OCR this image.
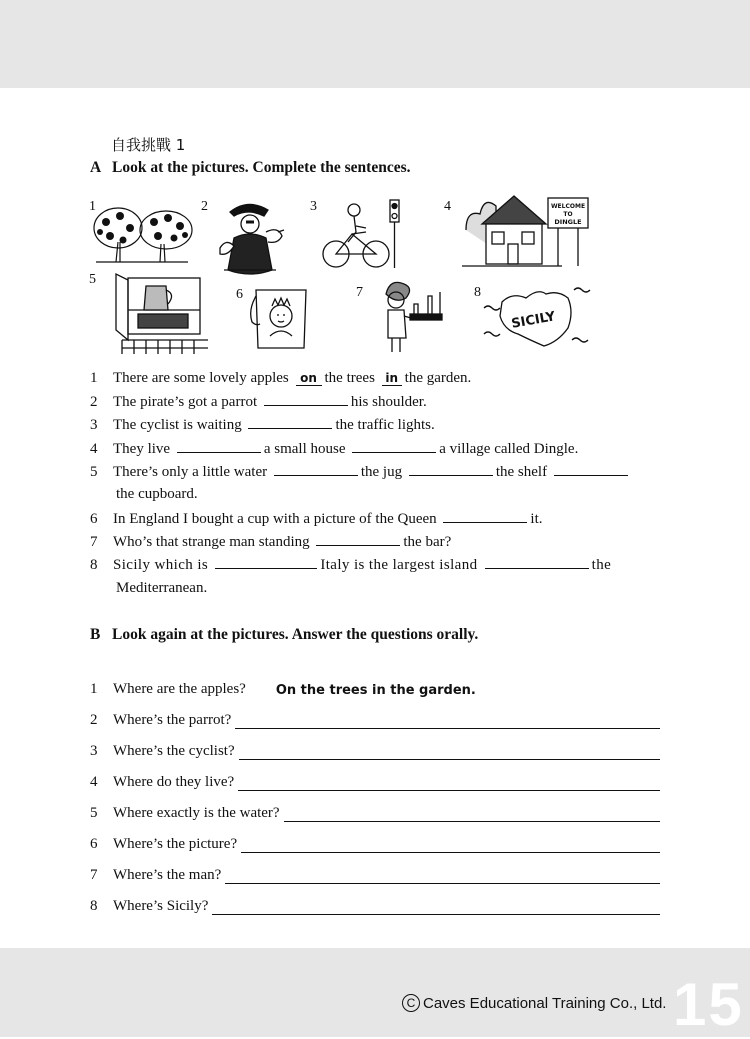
自我挑戰 1
A Look at the pictures. Complete the sentences.
1	2	3	4
5
6	7	8
WELCOME
TO
DINGLE
SICILY
1 There are some lovely apples on the trees in the garden.
2 The pirate’s got a parrot	his shoulder.
3 The cyclist is waiting	the traffic lights.
4 They live	a small house	a village called Dingle.
5 There’s only a little water	the jug	the shelf
the cupboard.
6 In England I bought a cup with a picture of the Queen	it.
7 Who’s that strange man standing	the bar?
8 Sicily which is	Italy is the largest island	the
Mediterranean.
B Look again at the pictures. Answer the questions orally.
1	Where are the apples? On the trees in the garden.
2	Where’s the parrot?
3	Where’s the cyclist?
4	Where do they live?
5	Where exactly is the water?
6	Where’s the picture?
7	Where’s the man?
8	Where’s Sicily?
C Caves Educational Training Co., Ltd. 15
